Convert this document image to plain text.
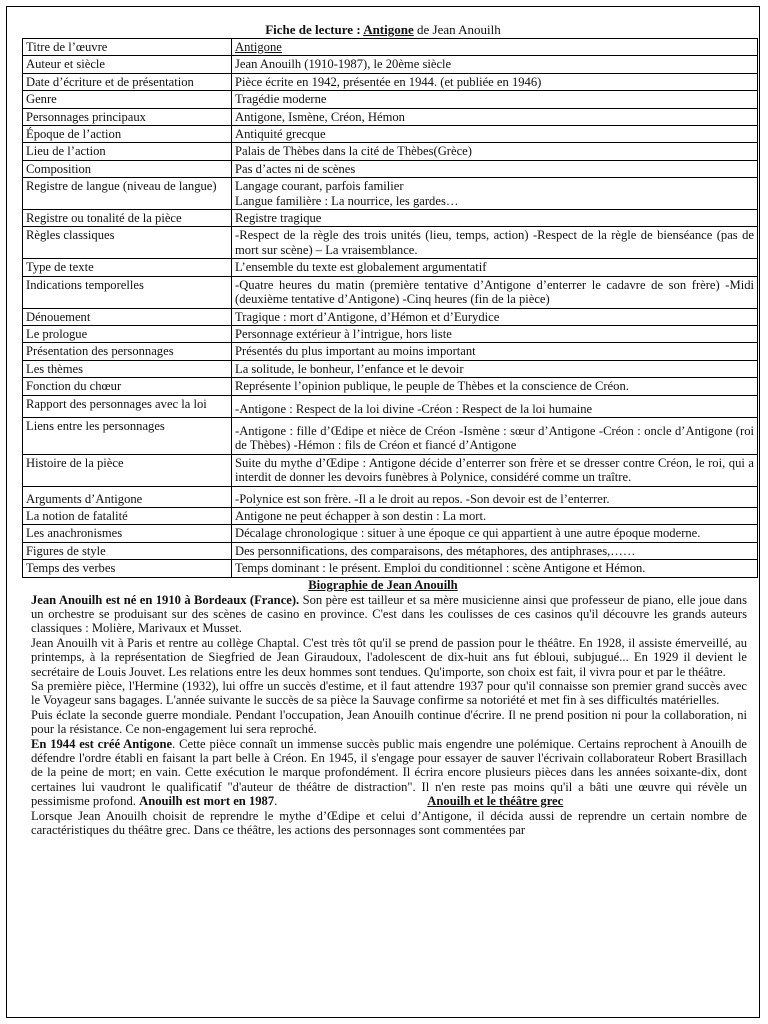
Fiche de lecture : Antigone de Jean Anouilh
Titre de l’œuvre	Antigone
Auteur et siècle	Jean Anouilh (1910-1987), le 20ème siècle
Date d’écriture et de présentation	Pièce écrite en 1942, présentée en 1944. (et publiée en 1946)
Genre	Tragédie moderne
Personnages principaux	Antigone, Ismène, Créon, Hémon
Époque de l’action	Antiquité grecque
Lieu de l’action	Palais de Thèbes dans la cité de Thèbes(Grèce)
Composition	Pas d’actes ni de scènes
Registre de langue (niveau de langue)	Langage courant, parfois familier
Langue familière : La nourrice, les gardes…

Registre ou tonalité de la pièce	Registre tragique
Règles classiques	-Respect de la règle des trois unités (lieu, temps, action) -Respect de la règle de bienséance (pas de mort sur scène) – La vraisemblance.
Type de texte	L’ensemble du texte est globalement argumentatif
Indications temporelles	-Quatre heures du matin (première tentative d’Antigone d’enterrer le cadavre de son frère) -Midi (deuxième tentative d’Antigone) -Cinq heures (fin de la pièce)
Dénouement	Tragique : mort d’Antigone, d’Hémon et d’Eurydice
Le prologue	Personnage extérieur à l’intrigue, hors liste
Présentation des personnages	Présentés du plus important au moins important
Les thèmes	La solitude, le bonheur, l’enfance et le devoir
Fonction du chœur	Représente l’opinion publique, le peuple de Thèbes et la conscience de Créon.
Rapport des personnages avec la loi	-Antigone : Respect de la loi divine -Créon : Respect de la loi humaine
Liens entre les personnages	-Antigone : fille d’Œdipe et nièce de Créon -Ismène : sœur d’Antigone -Créon : oncle d’Antigone (roi de Thèbes) -Hémon : fils de Créon et fiancé d’Antigone
Histoire de la pièce	Suite du mythe d’Œdipe : Antigone décide d’enterrer son frère et se dresser contre Créon, le roi, qui a interdit de donner les devoirs funèbres à Polynice, considéré comme un traître.
Arguments d’Antigone	-Polynice est son frère. -Il a le droit au repos. -Son devoir est de l’enterrer.
La notion de fatalité	Antigone ne peut échapper à son destin : La mort.
Les anachronismes	Décalage chronologique : situer à une époque ce qui appartient à une autre époque moderne.
Figures de style	Des personnifications, des comparaisons, des métaphores, des antiphrases,……
Temps des verbes	Temps dominant : le présent. Emploi du conditionnel : scène Antigone et Hémon.
Biographie de Jean Anouilh

Jean Anouilh est né en 1910 à Bordeaux (France). Son père est tailleur et sa mère musicienne ainsi que professeur de piano, elle joue dans un orchestre se produisant sur des scènes de casino en province. C'est dans les coulisses de ces casinos qu'il découvre les grands auteurs classiques : Molière, Marivaux et Musset.

Jean Anouilh vit à Paris et rentre au collège Chaptal. C'est très tôt qu'il se prend de passion pour le théâtre. En 1928, il assiste émerveillé, au printemps, à la représentation de Siegfried de Jean Giraudoux, l'adolescent de dix-huit ans fut ébloui, subjugué... En 1929 il devient le secrétaire de Louis Jouvet. Les relations entre les deux hommes sont tendues. Qu'importe, son choix est fait, il vivra pour et par le théâtre.

Sa première pièce, l'Hermine (1932), lui offre un succès d'estime, et il faut attendre 1937 pour qu'il connaisse son premier grand succès avec le Voyageur sans bagages. L'année suivante le succès de sa pièce la Sauvage confirme sa notoriété et met fin à ses difficultés matérielles.

Puis éclate la seconde guerre mondiale. Pendant l'occupation, Jean Anouilh continue d'écrire. Il ne prend position ni pour la collaboration, ni pour la résistance. Ce non-engagement lui sera reproché.

En 1944 est créé Antigone. Cette pièce connaît un immense succès public mais engendre une polémique. Certains reprochent à Anouilh de défendre l'ordre établi en faisant la part belle à Créon. En 1945, il s'engage pour essayer de sauver l'écrivain collaborateur Robert Brasillach de la peine de mort; en vain. Cette exécution le marque profondément. Il écrira encore plusieurs pièces dans les années soixante-dix, dont certaines lui vaudront le qualificatif "d'auteur de théâtre de distraction". Il n'en reste pas moins qu'il a bâti une œuvre qui révèle un pessimisme profond. Anouilh est mort en 1987.	Anouilh et le théâtre grec

Lorsque Jean Anouilh choisit de reprendre le mythe d’Œdipe et celui d’Antigone, il décida aussi de reprendre un certain nombre de caractéristiques du théâtre grec. Dans ce théâtre, les actions des personnages sont commentées par
